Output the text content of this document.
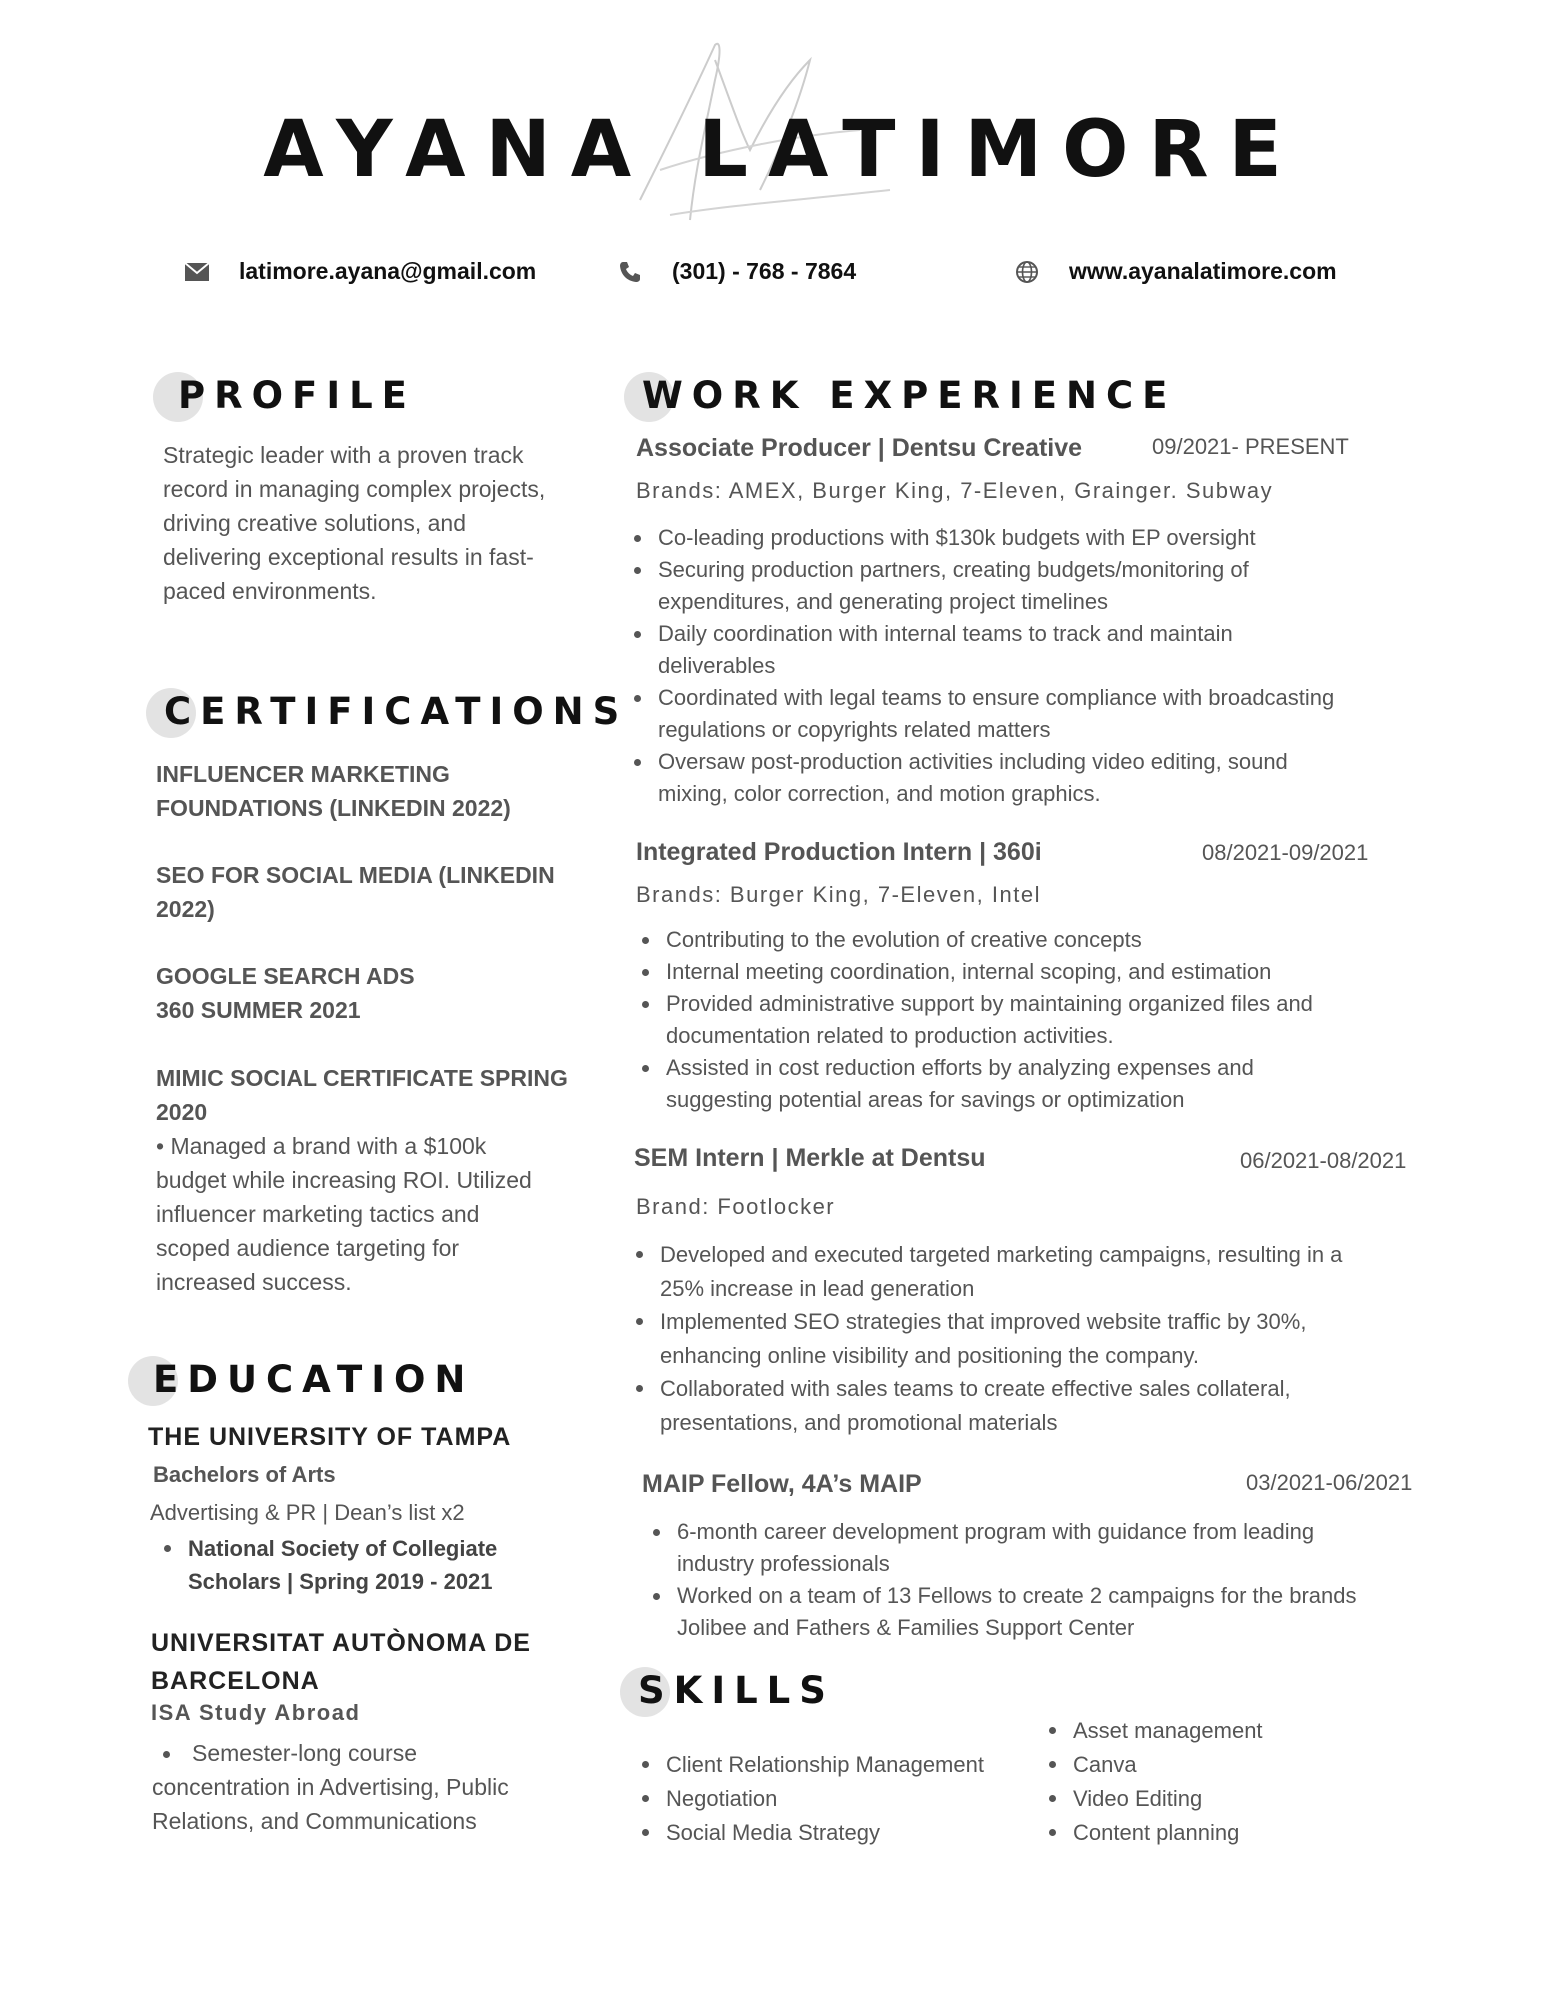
AYANA LATIMORE
latimore.ayana@gmail.com	(301) - 768 - 7864	www.ayanalatimore.com
PROFILE
Strategic leader with a proven track record in managing complex projects, driving creative solutions, and delivering exceptional results in fast-paced environments.
CERTIFICATIONS
INFLUENCER MARKETING FOUNDATIONS (LINKEDIN 2022)
SEO FOR SOCIAL MEDIA (LINKEDIN 2022)
GOOGLE SEARCH ADS 360 SUMMER 2021
MIMIC SOCIAL CERTIFICATE SPRING 2020
• Managed a brand with a $100k budget while increasing ROI. Utilized influencer marketing tactics and scoped audience targeting for increased success.
EDUCATION
THE UNIVERSITY OF TAMPA
Bachelors of Arts
Advertising & PR | Dean’s list x2
National Society of Collegiate Scholars | Spring 2019 - 2021
UNIVERSITAT AUTÒNOMA DE BARCELONA
ISA Study Abroad
Semester-long course concentration in Advertising, Public Relations, and Communications
WORK EXPERIENCE
Associate Producer | Dentsu Creative	09/2021- PRESENT
Brands: AMEX, Burger King, 7-Eleven, Grainger. Subway
Co-leading productions with $130k budgets with EP oversight
Securing production partners, creating budgets/monitoring of expenditures, and generating project timelines
Daily coordination with internal teams to track and maintain deliverables
Coordinated with legal teams to ensure compliance with broadcasting regulations or copyrights related matters
Oversaw post-production activities including video editing, sound mixing, color correction, and motion graphics.
Integrated Production Intern | 360i	08/2021-09/2021
Brands: Burger King, 7-Eleven, Intel
Contributing to the evolution of creative concepts
Internal meeting coordination, internal scoping, and estimation
Provided administrative support by maintaining organized files and documentation related to production activities.
Assisted in cost reduction efforts by analyzing expenses and suggesting potential areas for savings or optimization
SEM Intern | Merkle at Dentsu	06/2021-08/2021
Brand: Footlocker
Developed and executed targeted marketing campaigns, resulting in a 25% increase in lead generation
Implemented SEO strategies that improved website traffic by 30%, enhancing online visibility and positioning the company.
Collaborated with sales teams to create effective sales collateral, presentations, and promotional materials
MAIP Fellow, 4A’s MAIP	03/2021-06/2021
6-month career development program with guidance from leading industry professionals
Worked on a team of 13 Fellows to create 2 campaigns for the brands Jolibee and Fathers & Families Support Center
SKILLS
Client Relationship Management
Negotiation
Social Media Strategy
Asset management
Canva
Video Editing
Content planning
